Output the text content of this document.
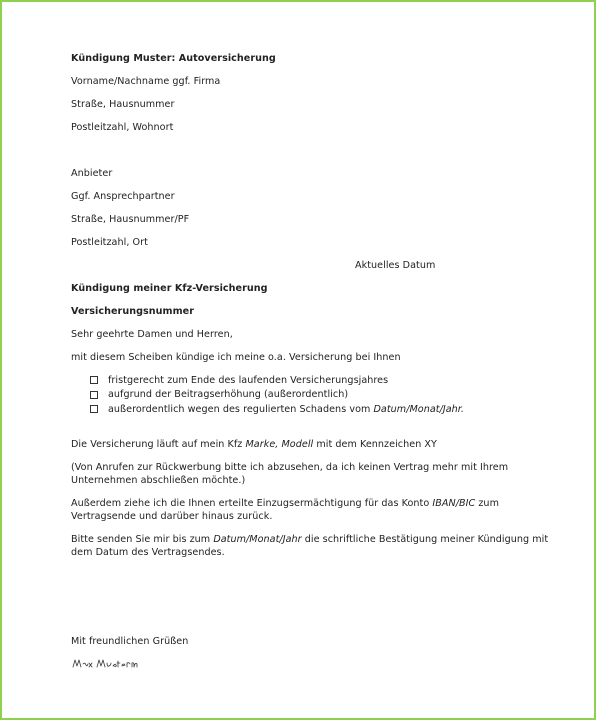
Kündigung Muster: Autoversicherung
Vorname/Nachname ggf. Firma
Straße, Hausnummer
Postleitzahl, Wohnort
Anbieter
Ggf. Ansprechpartner
Straße, Hausnummer/PF
Postleitzahl, Ort
Aktuelles Datum
Kündigung meiner Kfz-Versicherung
Versicherungsnummer
Sehr geehrte Damen und Herren,
mit diesem Scheiben kündige ich meine o.a. Versicherung bei Ihnen
fristgerecht zum Ende des laufenden Versicherungsjahres
aufgrund der Beitragserhöhung (außerordentlich)
außerordentlich wegen des regulierten Schadens vom Datum/Monat/Jahr.
Die Versicherung läuft auf mein Kfz Marke, Modell mit dem Kennzeichen XY
(Von Anrufen zur Rückwerbung bitte ich abzusehen, da ich keinen Vertrag mehr mit Ihrem
Unternehmen abschließen möchte.)
Außerdem ziehe ich die Ihnen erteilte Einzugsermächtigung für das Konto IBAN/BIC zum
Vertragsende und darüber hinaus zurück.
Bitte senden Sie mir bis zum Datum/Monat/Jahr die schriftliche Bestätigung meiner Kündigung mit
dem Datum des Vertragsendes.
Mit freundlichen Grüßen
